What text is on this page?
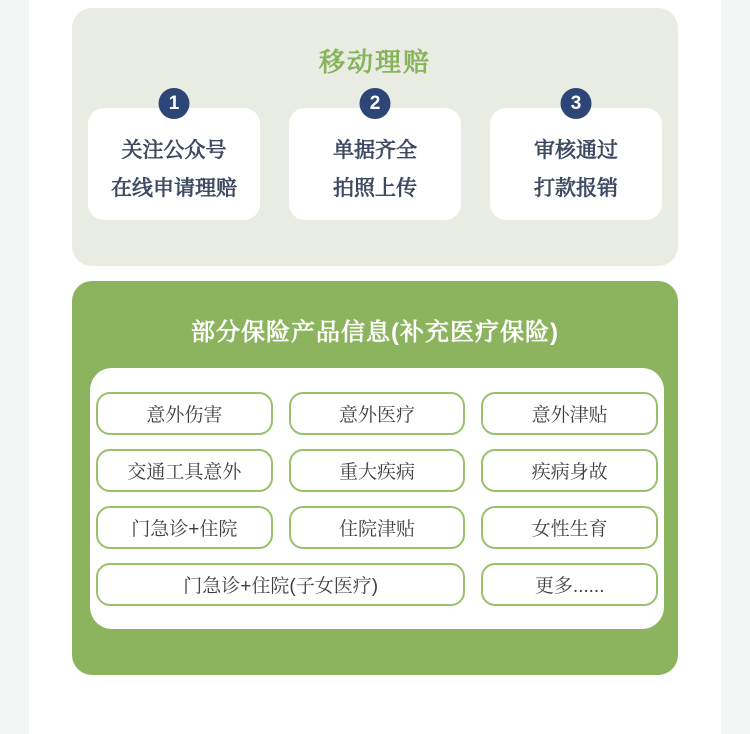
移动理赔
1
关注公众号
在线申请理赔
2
单据齐全
拍照上传
3
审核通过
打款报销
部分保险产品信息(补充医疗保险)
意外伤害	意外医疗	意外津贴
交通工具意外	重大疾病	疾病身故
门急诊+住院	住院津贴	女性生育
门急诊+住院(子女医疗)	更多......
